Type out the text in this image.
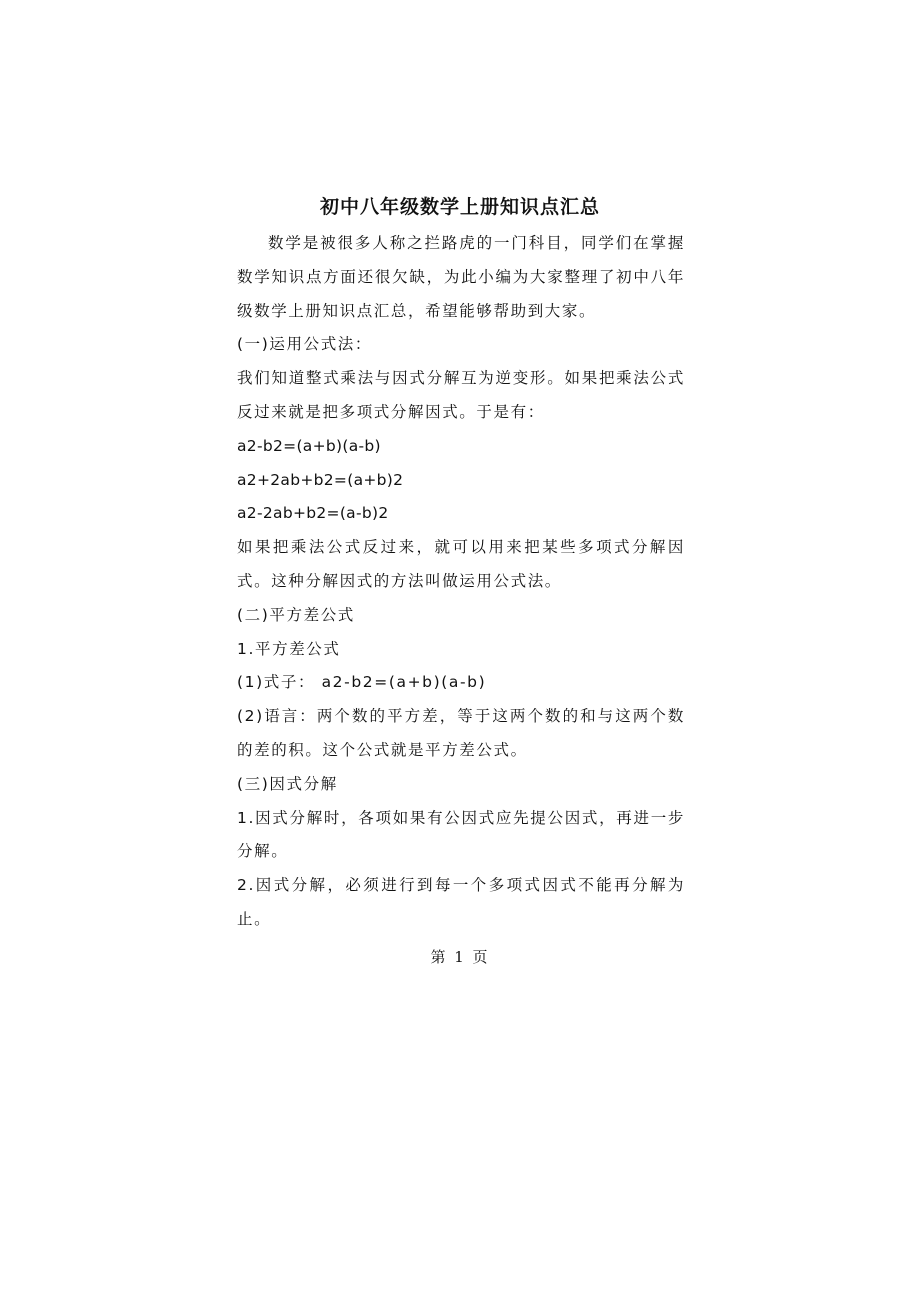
初中八年级数学上册知识点汇总

数学是被很多人称之拦路虎的一门科目，同学们在掌握数学知识点方面还很欠缺，为此小编为大家整理了初中八年级数学上册知识点汇总，希望能够帮助到大家。

(一)运用公式法：

我们知道整式乘法与因式分解互为逆变形。如果把乘法公式反过来就是把多项式分解因式。于是有：

a2-b2=(a+b)(a-b)

a2+2ab+b2=(a+b)2

a2-2ab+b2=(a-b)2

如果把乘法公式反过来，就可以用来把某些多项式分解因式。这种分解因式的方法叫做运用公式法。

(二)平方差公式

1.平方差公式

(1)式子： a2-b2=(a+b)(a-b)

(2)语言：两个数的平方差，等于这两个数的和与这两个数的差的积。这个公式就是平方差公式。

(三)因式分解

1.因式分解时，各项如果有公因式应先提公因式，再进一步分解。

2.因式分解，必须进行到每一个多项式因式不能再分解为止。

第 1 页
